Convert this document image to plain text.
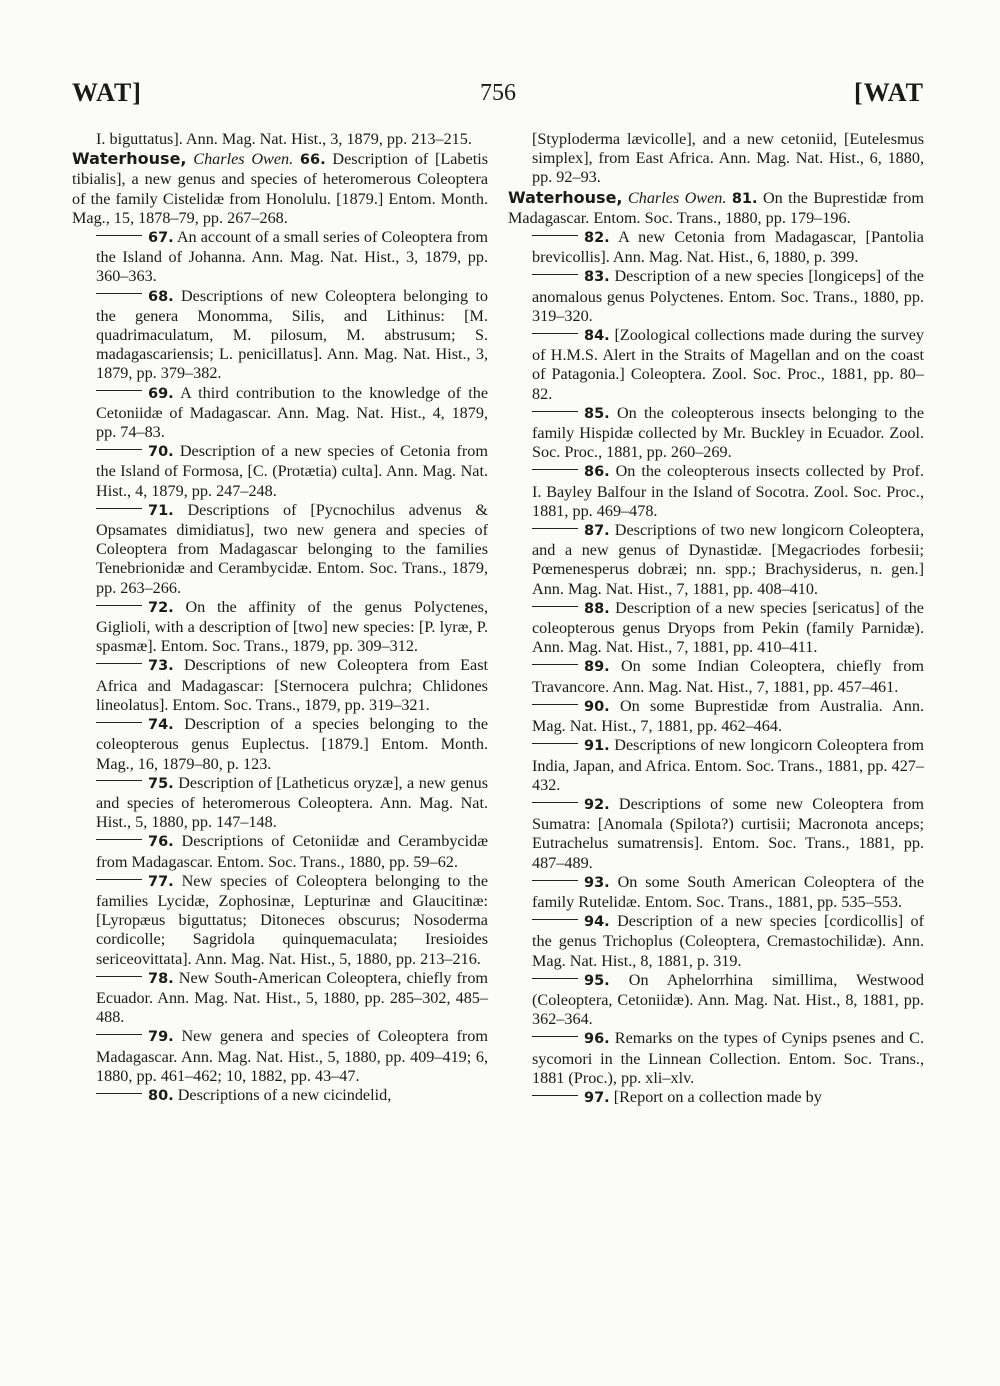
WAT]	756	[WAT

I. biguttatus]. Ann. Mag. Nat. Hist., 3, 1879, pp. 213–215.

Waterhouse, Charles Owen. 66. Description of [Labetis tibialis], a new genus and species of heteromerous Coleoptera of the family Cistelidæ from Honolulu. [1879.] Entom. Month. Mag., 15, 1878–79, pp. 267–268.

67. An account of a small series of Coleoptera from the Island of Johanna. Ann. Mag. Nat. Hist., 3, 1879, pp. 360–363.

68. Descriptions of new Coleoptera belonging to the genera Monomma, Silis, and Lithinus: [M. quadrimaculatum, M. pilosum, M. abstrusum; S. madagascariensis; L. penicillatus]. Ann. Mag. Nat. Hist., 3, 1879, pp. 379–382.

69. A third contribution to the knowledge of the Cetoniidæ of Madagascar. Ann. Mag. Nat. Hist., 4, 1879, pp. 74–83.

70. Description of a new species of Cetonia from the Island of Formosa, [C. (Protætia) culta]. Ann. Mag. Nat. Hist., 4, 1879, pp. 247–248.

71. Descriptions of [Pycnochilus advenus & Opsamates dimidiatus], two new genera and species of Coleoptera from Madagascar belonging to the families Tenebrionidæ and Cerambycidæ. Entom. Soc. Trans., 1879, pp. 263–266.

72. On the affinity of the genus Polyctenes, Giglioli, with a description of [two] new species: [P. lyræ, P. spasmæ]. Entom. Soc. Trans., 1879, pp. 309–312.

73. Descriptions of new Coleoptera from East Africa and Madagascar: [Sternocera pulchra; Chlidones lineolatus]. Entom. Soc. Trans., 1879, pp. 319–321.

74. Description of a species belonging to the coleopterous genus Euplectus. [1879.] Entom. Month. Mag., 16, 1879–80, p. 123.

75. Description of [Latheticus oryzæ], a new genus and species of heteromerous Coleoptera. Ann. Mag. Nat. Hist., 5, 1880, pp. 147–148.

76. Descriptions of Cetoniidæ and Cerambycidæ from Madagascar. Entom. Soc. Trans., 1880, pp. 59–62.

77. New species of Coleoptera belonging to the families Lycidæ, Zophosinæ, Lepturinæ and Glaucitinæ: [Lyropæus biguttatus; Ditoneces obscurus; Nosoderma cordicolle; Sagridola quinquemaculata; Iresioides sericeovittata]. Ann. Mag. Nat. Hist., 5, 1880, pp. 213–216.

78. New South-American Coleoptera, chiefly from Ecuador. Ann. Mag. Nat. Hist., 5, 1880, pp. 285–302, 485–488.

79. New genera and species of Coleoptera from Madagascar. Ann. Mag. Nat. Hist., 5, 1880, pp. 409–419; 6, 1880, pp. 461–462; 10, 1882, pp. 43–47.

80. Descriptions of a new cicindelid,

[Styploderma lævicolle], and a new cetoniid, [Eutelesmus simplex], from East Africa. Ann. Mag. Nat. Hist., 6, 1880, pp. 92–93.

Waterhouse, Charles Owen. 81. On the Buprestidæ from Madagascar. Entom. Soc. Trans., 1880, pp. 179–196.

82. A new Cetonia from Madagascar, [Pantolia brevicollis]. Ann. Mag. Nat. Hist., 6, 1880, p. 399.

83. Description of a new species [longiceps] of the anomalous genus Polyctenes. Entom. Soc. Trans., 1880, pp. 319–320.

84. [Zoological collections made during the survey of H.M.S. Alert in the Straits of Magellan and on the coast of Patagonia.] Coleoptera. Zool. Soc. Proc., 1881, pp. 80–82.

85. On the coleopterous insects belonging to the family Hispidæ collected by Mr. Buckley in Ecuador. Zool. Soc. Proc., 1881, pp. 260–269.

86. On the coleopterous insects collected by Prof. I. Bayley Balfour in the Island of Socotra. Zool. Soc. Proc., 1881, pp. 469–478.

87. Descriptions of two new longicorn Coleoptera, and a new genus of Dynastidæ. [Megacriodes forbesii; Pœmenesperus dobræi; nn. spp.; Brachysiderus, n. gen.] Ann. Mag. Nat. Hist., 7, 1881, pp. 408–410.

88. Description of a new species [sericatus] of the coleopterous genus Dryops from Pekin (family Parnidæ). Ann. Mag. Nat. Hist., 7, 1881, pp. 410–411.

89. On some Indian Coleoptera, chiefly from Travancore. Ann. Mag. Nat. Hist., 7, 1881, pp. 457–461.

90. On some Buprestidæ from Australia. Ann. Mag. Nat. Hist., 7, 1881, pp. 462–464.

91. Descriptions of new longicorn Coleoptera from India, Japan, and Africa. Entom. Soc. Trans., 1881, pp. 427–432.

92. Descriptions of some new Coleoptera from Sumatra: [Anomala (Spilota?) curtisii; Macronota anceps; Eutrachelus sumatrensis]. Entom. Soc. Trans., 1881, pp. 487–489.

93. On some South American Coleoptera of the family Rutelidæ. Entom. Soc. Trans., 1881, pp. 535–553.

94. Description of a new species [cordicollis] of the genus Trichoplus (Coleoptera, Cremastochilidæ). Ann. Mag. Nat. Hist., 8, 1881, p. 319.

95. On Aphelorrhina simillima, Westwood (Coleoptera, Cetoniidæ). Ann. Mag. Nat. Hist., 8, 1881, pp. 362–364.

96. Remarks on the types of Cynips psenes and C. sycomori in the Linnean Collection. Entom. Soc. Trans., 1881 (Proc.), pp. xli–xlv.

97. [Report on a collection made by
